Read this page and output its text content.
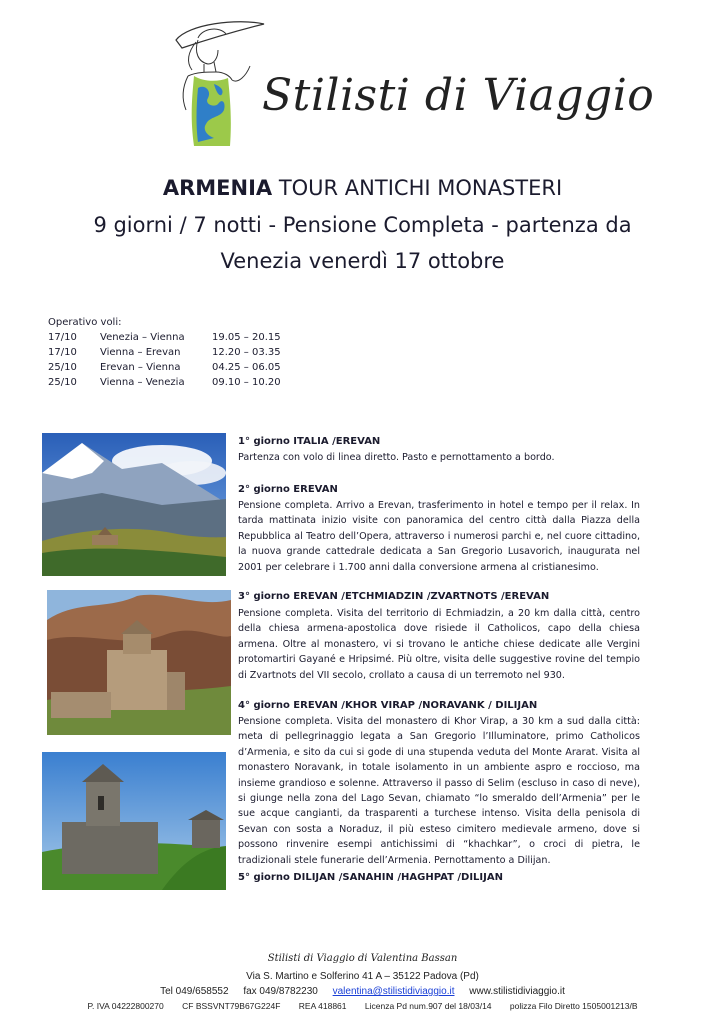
Stilisti di Viaggio
ARMENIA TOUR ANTICHI MONASTERI
9 giorni / 7 notti - Pensione Completa - partenza da
Venezia venerdì 17 ottobre
Operativo voli:
17/10 Venezia – Vienna	19.05 – 20.15
17/10 Vienna – Erevan	12.20 – 03.35
25/10 Erevan – Vienna	04.25 – 06.05
25/10 Vienna – Venezia	09.10 – 10.20
1° giorno ITALIA /EREVAN
Partenza con volo di linea diretto. Pasto e pernottamento a bordo.
2° giorno EREVAN
Pensione completa. Arrivo a Erevan, trasferimento in hotel e tempo per il relax. In tarda mattinata inizio visite con panoramica del centro città dalla Piazza della Repubblica al Teatro dell’Opera, attraverso i numerosi parchi e, nel cuore cittadino, la nuova grande cattedrale dedicata a San Gregorio Lusavorich, inaugurata nel 2001 per celebrare i 1.700 anni dalla conversione armena al cristianesimo.
3° giorno EREVAN /ETCHMIADZIN /ZVARTNOTS /EREVAN
Pensione completa. Visita del territorio di Echmiadzin, a 20 km dalla città, centro della chiesa armena-apostolica dove risiede il Catholicos, capo della chiesa armena. Oltre al monastero, vi si trovano le antiche chiese dedicate alle Vergini protomartiri Gayané e Hripsimé. Più oltre, visita delle suggestive rovine del tempio di Zvartnots del VII secolo, crollato a causa di un terremoto nel 930.
4° giorno EREVAN /KHOR VIRAP /NORAVANK / DILIJAN
Pensione completa. Visita del monastero di Khor Virap, a 30 km a sud dalla città: meta di pellegrinaggio legata a San Gregorio l’Illuminatore, primo Catholicos d’Armenia, e sito da cui si gode di una stupenda veduta del Monte Ararat. Visita al monastero Noravank, in totale isolamento in un ambiente aspro e roccioso, ma insieme grandioso e solenne. Attraverso il passo di Selim (escluso in caso di neve), si giunge nella zona del Lago Sevan, chiamato “lo smeraldo dell’Armenia” per le sue acque cangianti, da trasparenti a turchese intenso. Visita della penisola di Sevan con sosta a Noraduz, il più esteso cimitero medievale armeno, dove si possono rinvenire esempi antichissimi di “khachkar”, o croci di pietra, le tradizionali stele funerarie dell’Armenia. Pernottamento a Dilijan.
5° giorno DILIJAN /SANAHIN /HAGHPAT /DILIJAN
Stilisti di Viaggio di Valentina Bassan
Via S. Martino e Solferino 41 A – 35122 Padova (Pd)
Tel 049/658552 fax 049/8782230 valentina@stilistidiviaggio.it www.stilistidiviaggio.it
P. IVA 04222800270 CF BSSVNT79B67G224F REA 418861 Licenza Pd num.907 del 18/03/14 polizza Filo Diretto 1505001213/B
